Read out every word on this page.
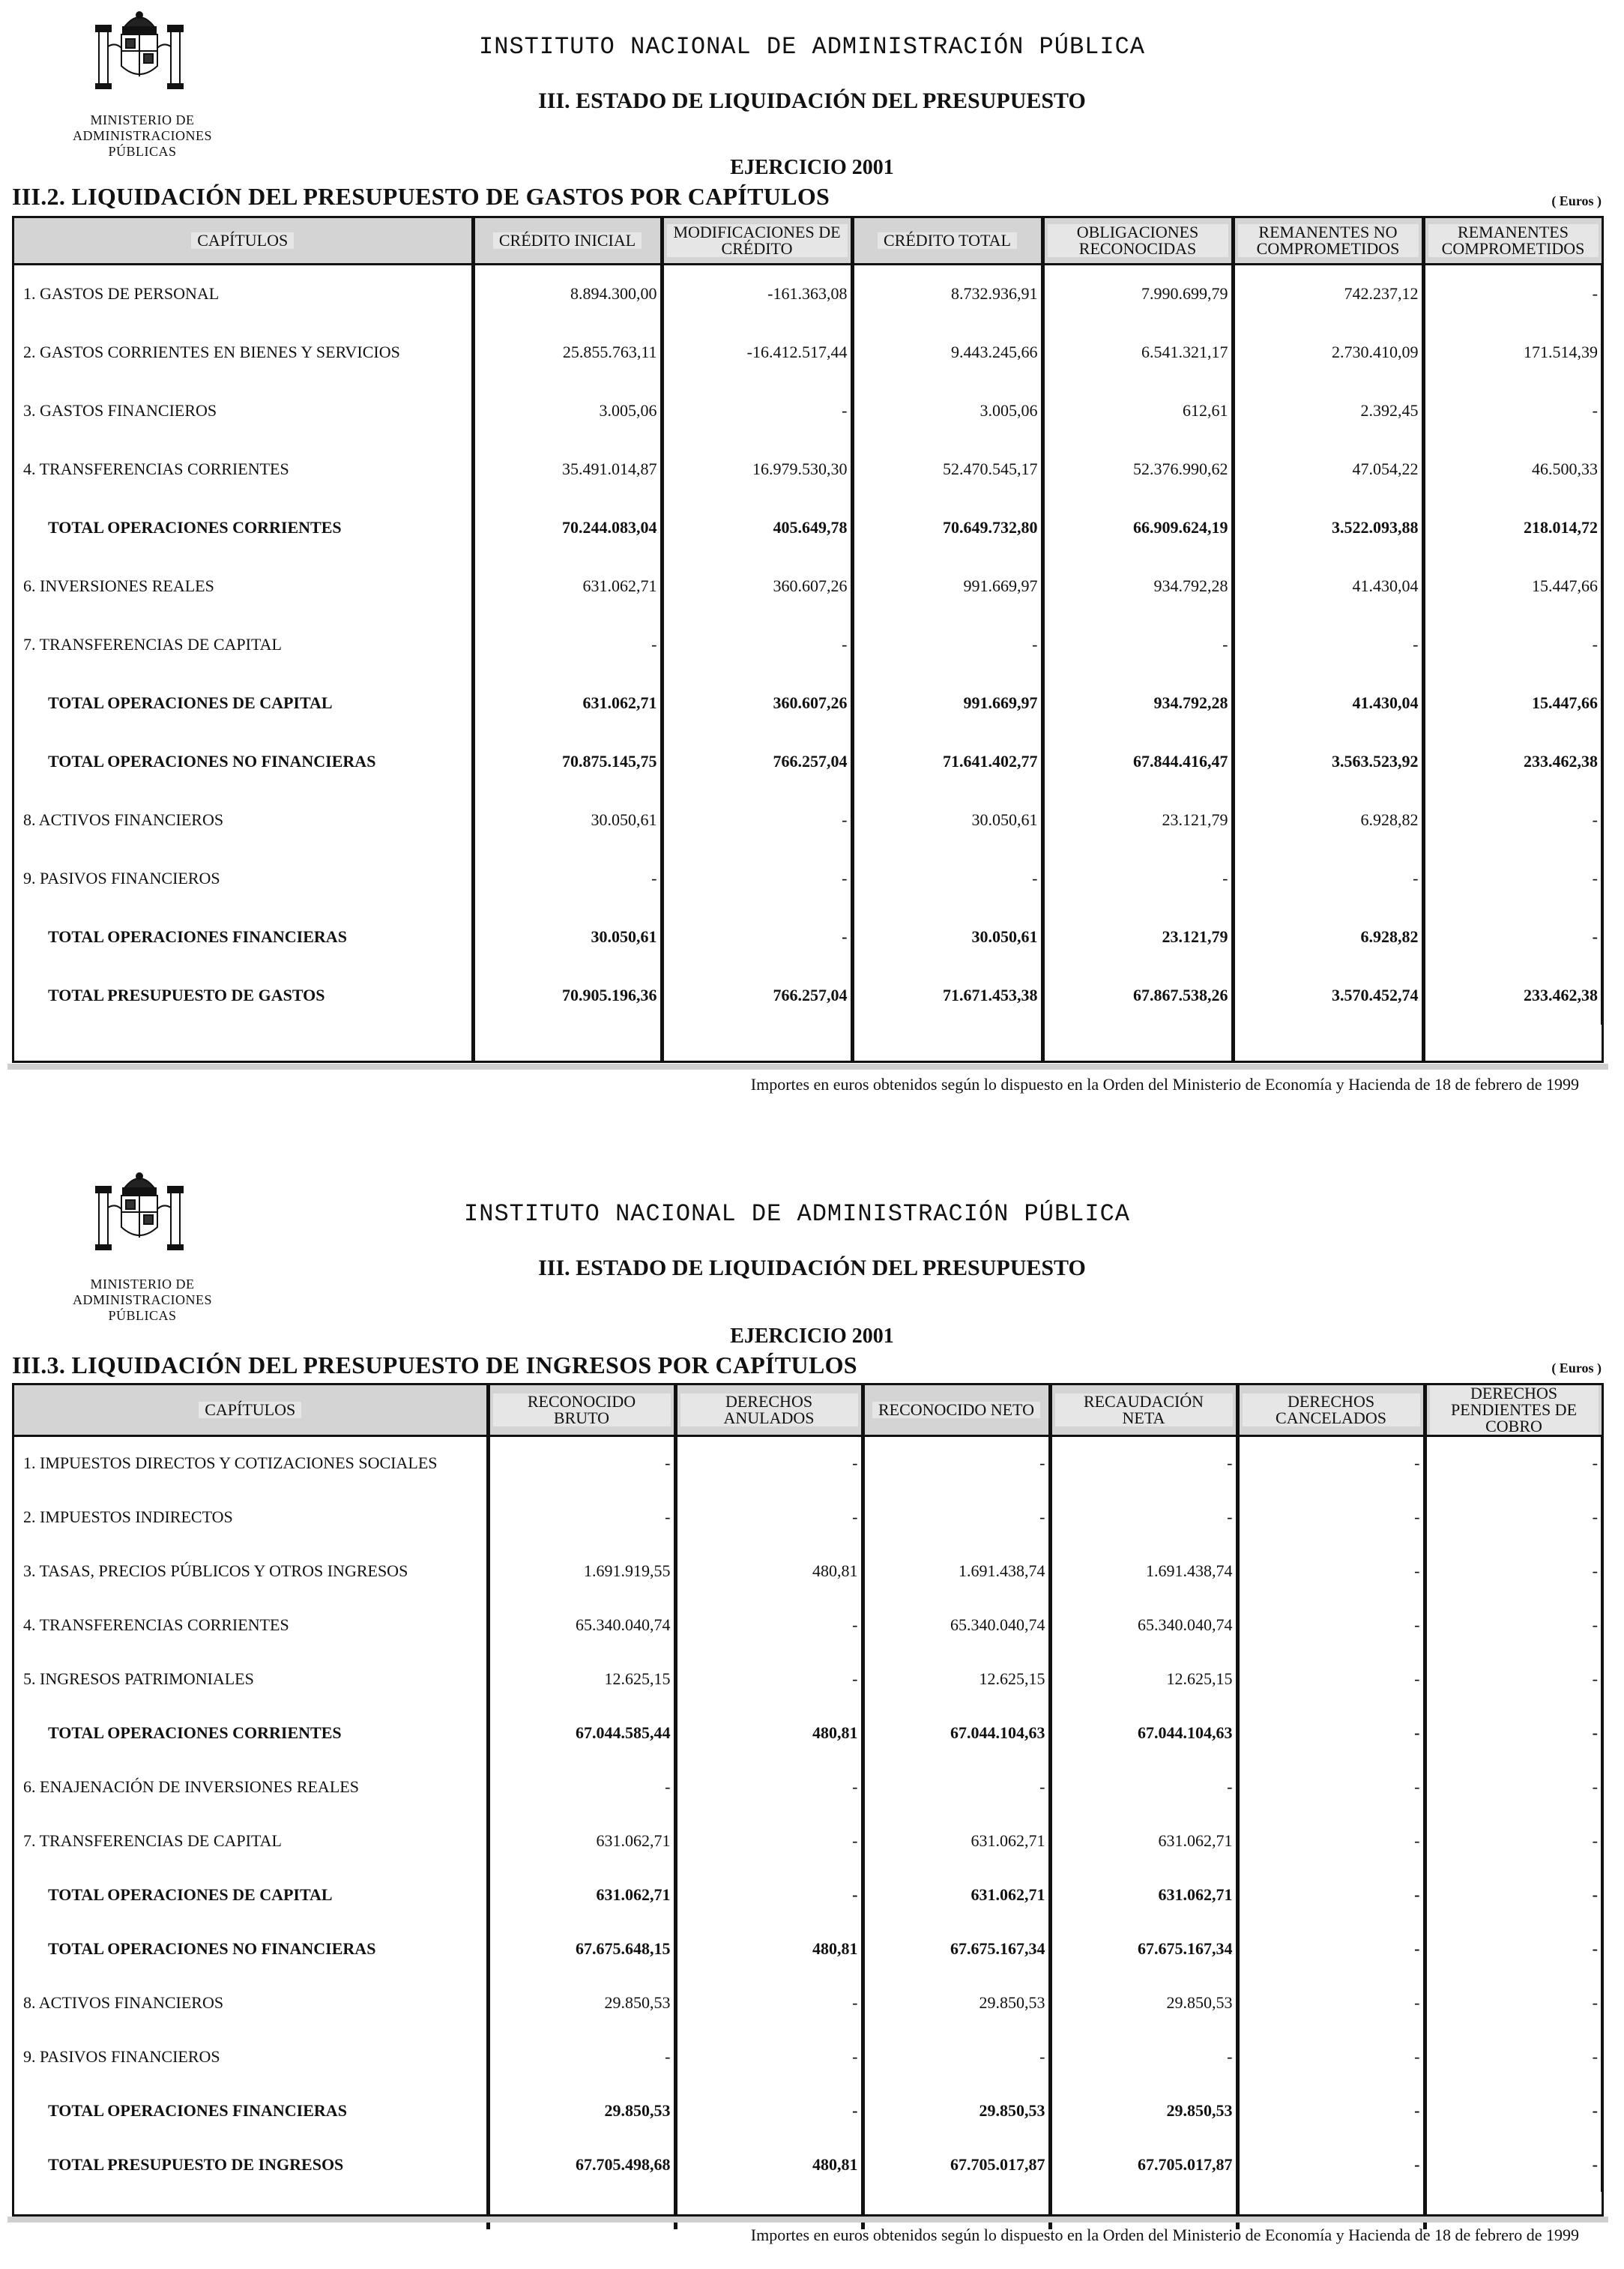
MINISTERIO DE ADMINISTRACIONES
PÚBLICAS
INSTITUTO NACIONAL DE ADMINISTRACIÓN PÚBLICA
III. ESTADO DE LIQUIDACIÓN DEL PRESUPUESTO
EJERCICIO 2001
III.2. LIQUIDACIÓN DEL PRESUPUESTO DE GASTOS POR CAPÍTULOS	( Euros )
CAPÍTULOS	CRÉDITO INICIAL	MODIFICACIONES DE CRÉDITO	CRÉDITO TOTAL	OBLIGACIONES RECONOCIDAS	REMANENTES NO COMPROMETIDOS	REMANENTES COMPROMETIDOS
1. GASTOS DE PERSONAL	8.894.300,00	-161.363,08	8.732.936,91	7.990.699,79	742.237,12	-
2. GASTOS CORRIENTES EN BIENES Y SERVICIOS	25.855.763,11	-16.412.517,44	9.443.245,66	6.541.321,17	2.730.410,09	171.514,39
3. GASTOS FINANCIEROS	3.005,06	-	3.005,06	612,61	2.392,45	-
4. TRANSFERENCIAS CORRIENTES	35.491.014,87	16.979.530,30	52.470.545,17	52.376.990,62	47.054,22	46.500,33
TOTAL OPERACIONES CORRIENTES	70.244.083,04	405.649,78	70.649.732,80	66.909.624,19	3.522.093,88	218.014,72
6. INVERSIONES REALES	631.062,71	360.607,26	991.669,97	934.792,28	41.430,04	15.447,66
7. TRANSFERENCIAS DE CAPITAL	-	-	-	-	-	-
TOTAL OPERACIONES DE CAPITAL	631.062,71	360.607,26	991.669,97	934.792,28	41.430,04	15.447,66
TOTAL OPERACIONES NO FINANCIERAS	70.875.145,75	766.257,04	71.641.402,77	67.844.416,47	3.563.523,92	233.462,38
8. ACTIVOS FINANCIEROS	30.050,61	-	30.050,61	23.121,79	6.928,82	-
9. PASIVOS FINANCIEROS	-	-	-	-	-	-
TOTAL OPERACIONES FINANCIERAS	30.050,61	-	30.050,61	23.121,79	6.928,82	-
TOTAL PRESUPUESTO DE GASTOS	70.905.196,36	766.257,04	71.671.453,38	67.867.538,26	3.570.452,74	233.462,38

Importes en euros obtenidos según lo dispuesto en la Orden del Ministerio de Economía y Hacienda de 18 de febrero de 1999
MINISTERIO DE ADMINISTRACIONES
PÚBLICAS
INSTITUTO NACIONAL DE ADMINISTRACIÓN PÚBLICA
III. ESTADO DE LIQUIDACIÓN DEL PRESUPUESTO
EJERCICIO 2001
III.3. LIQUIDACIÓN DEL PRESUPUESTO DE INGRESOS POR CAPÍTULOS	( Euros )
CAPÍTULOS	RECONOCIDO BRUTO	DERECHOS ANULADOS	RECONOCIDO NETO	RECAUDACIÓN NETA	DERECHOS CANCELADOS	DERECHOS PENDIENTES DE COBRO
1. IMPUESTOS DIRECTOS Y COTIZACIONES SOCIALES	-	-	-	-	-	-
2. IMPUESTOS INDIRECTOS	-	-	-	-	-	-
3. TASAS, PRECIOS PÚBLICOS Y OTROS INGRESOS	1.691.919,55	480,81	1.691.438,74	1.691.438,74	-	-
4. TRANSFERENCIAS CORRIENTES	65.340.040,74	-	65.340.040,74	65.340.040,74	-	-
5. INGRESOS PATRIMONIALES	12.625,15	-	12.625,15	12.625,15	-	-
TOTAL OPERACIONES CORRIENTES	67.044.585,44	480,81	67.044.104,63	67.044.104,63	-	-
6. ENAJENACIÓN DE INVERSIONES REALES	-	-	-	-	-	-
7. TRANSFERENCIAS DE CAPITAL	631.062,71	-	631.062,71	631.062,71	-	-
TOTAL OPERACIONES DE CAPITAL	631.062,71	-	631.062,71	631.062,71	-	-
TOTAL OPERACIONES NO FINANCIERAS	67.675.648,15	480,81	67.675.167,34	67.675.167,34	-	-
8. ACTIVOS FINANCIEROS	29.850,53	-	29.850,53	29.850,53	-	-
9. PASIVOS FINANCIEROS	-	-	-	-	-	-
TOTAL OPERACIONES FINANCIERAS	29.850,53	-	29.850,53	29.850,53	-	-
TOTAL PRESUPUESTO DE INGRESOS	67.705.498,68	480,81	67.705.017,87	67.705.017,87	-	-

Importes en euros obtenidos según lo dispuesto en la Orden del Ministerio de Economía y Hacienda de 18 de febrero de 1999
